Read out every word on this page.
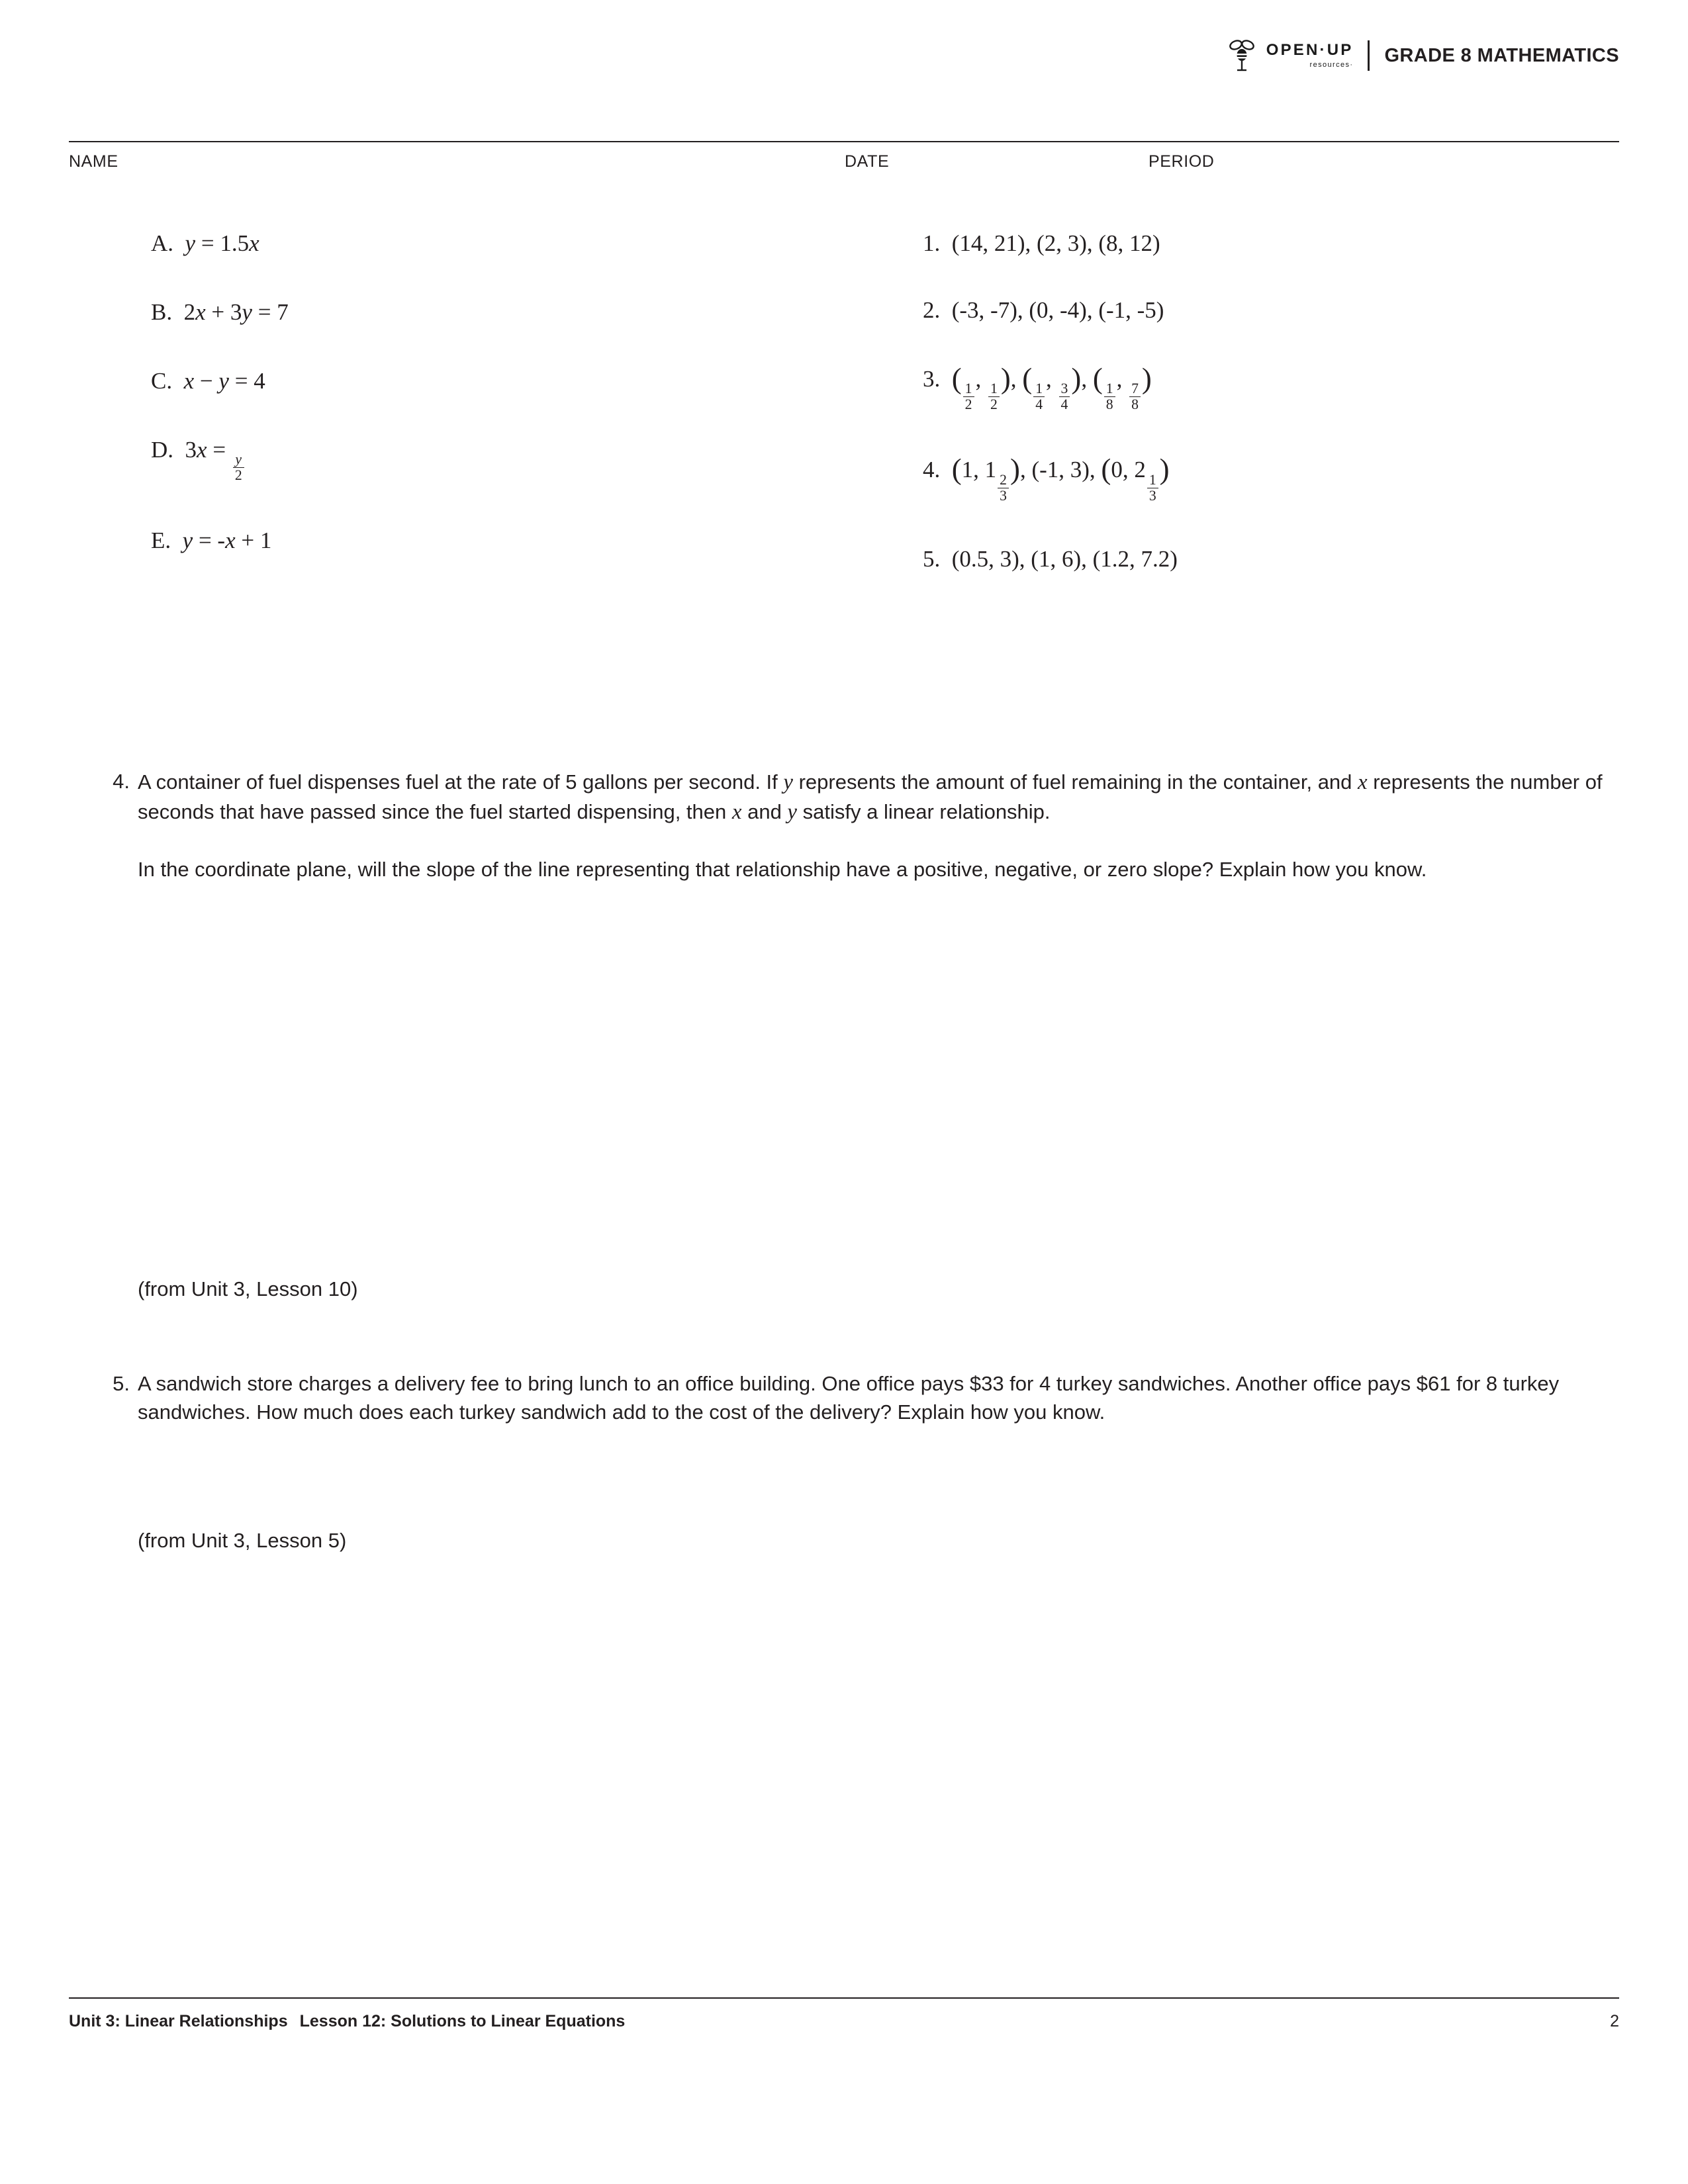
OPEN·UP
resources· GRADE 8 MATHEMATICS
NAME	DATE	PERIOD
A. y = 1.5x
B.  2x + 3y = 7
C. x − y = 4
D.  3x =
$\frac{y}{2}$
E. y = -x + 1
1.  (14, 21), (2, 3), (8, 12)
2.  (-3, -7), (0, -4), (-1, -5)
3. (
$\frac{1}{2}$
,
$\frac{1}{2}$
), (
$\frac{1}{4}$
,
$\frac{3}{4}$
), (
$\frac{1}{8}$
,
$\frac{7}{8}$
)
4. (1, 1
$\frac{2}{3}$
), (-1, 3), (0, 2
$\frac{1}{3}$
)
5.  (0.5, 3), (1, 6), (1.2, 7.2)
4. A container of fuel dispenses fuel at the rate of 5 gallons per second. If y represents the amount of fuel remaining in the container, and x represents the number of seconds that have passed since the fuel started dispensing, then x and y satisfy a linear relationship.

In the coordinate plane, will the slope of the line representing that relationship have a positive, negative, or zero slope? Explain how you know.

(from Unit 3, Lesson 10)
5. A sandwich store charges a delivery fee to bring lunch to an office building. One office pays $33 for 4 turkey sandwiches. Another office pays $61 for 8 turkey sandwiches. How much does each turkey sandwich add to the cost of the delivery? Explain how you know.

(from Unit 3, Lesson 5)
Unit 3: Linear Relationships Lesson 12: Solutions to Linear Equations	2
